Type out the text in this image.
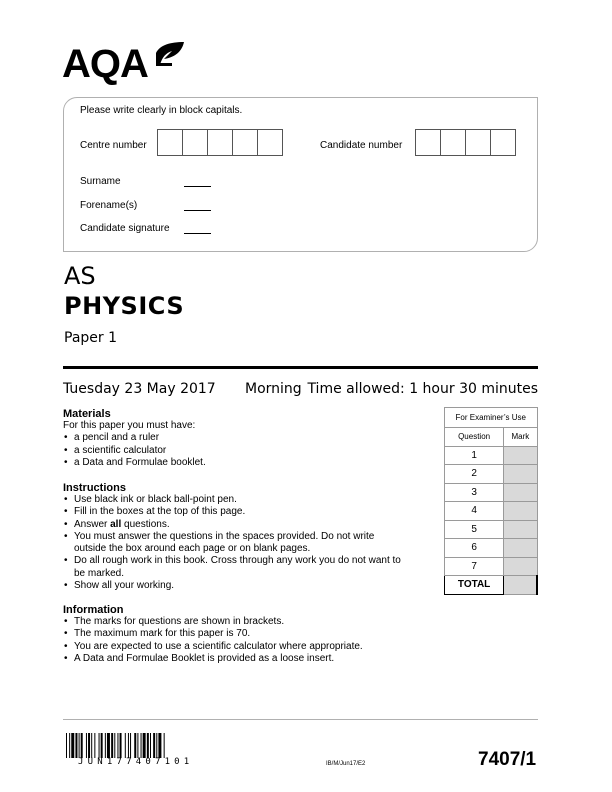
AQA
Please write clearly in block capitals.
Centre number	Candidate number
Surname
Forename(s)
Candidate signature
AS
PHYSICS
Paper 1
Tuesday 23 May 2017 Morning Time allowed: 1 hour 30 minutes
Materials
For this paper you must have:
• a pencil and a ruler
• a scientific calculator
• a Data and Formulae booklet.
Instructions
• Use black ink or black ball-point pen.
• Fill in the boxes at the top of this page.
• Answer all questions.
• You must answer the questions in the spaces provided. Do not write outside the box around each page or on blank pages.
• Do all rough work in this book. Cross through any work you do not want to be marked.
• Show all your working.
Information
• The marks for questions are shown in brackets.
• The maximum mark for this paper is 70.
• You are expected to use a scientific calculator where appropriate.
• A Data and Formulae Booklet is provided as a loose insert.
For Examiner’s Use	
Question	Mark
1	
2	
3	
4	
5	
6	
7	
TOTAL	
JUN177407101	IB/M/Jun17/E2	7407/1
